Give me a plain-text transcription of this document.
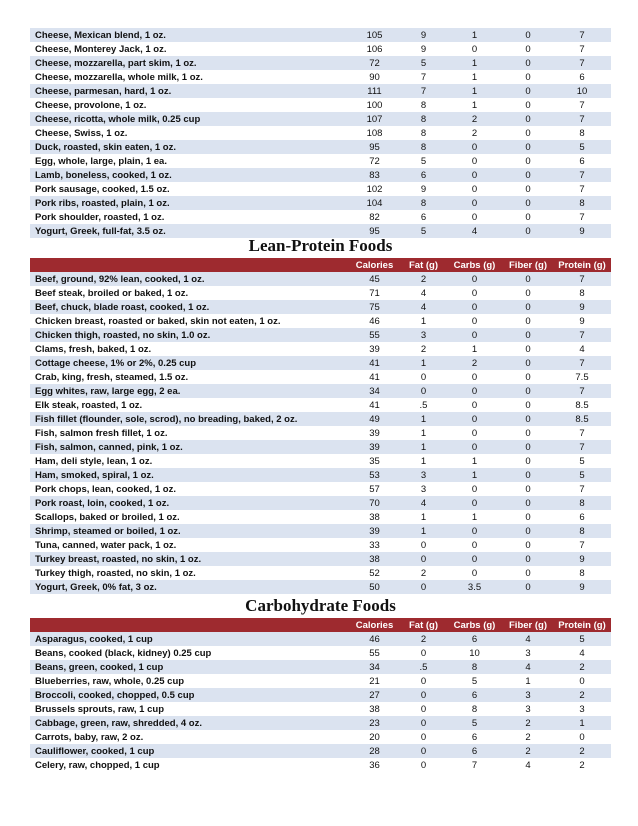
Cheese, Mexican blend, 1 oz.	105	9	1	0	7
Cheese, Monterey Jack, 1 oz.	106	9	0	0	7
Cheese, mozzarella, part skim, 1 oz.	72	5	1	0	7
Cheese, mozzarella, whole milk, 1 oz.	90	7	1	0	6
Cheese, parmesan, hard, 1 oz.	111	7	1	0	10
Cheese, provolone, 1 oz.	100	8	1	0	7
Cheese, ricotta, whole milk, 0.25 cup	107	8	2	0	7
Cheese, Swiss, 1 oz.	108	8	2	0	8
Duck, roasted, skin eaten, 1 oz.	95	8	0	0	5
Egg, whole, large, plain, 1 ea.	72	5	0	0	6
Lamb, boneless, cooked, 1 oz.	83	6	0	0	7
Pork sausage, cooked, 1.5 oz.	102	9	0	0	7
Pork ribs, roasted, plain, 1 oz.	104	8	0	0	8
Pork shoulder, roasted, 1 oz.	82	6	0	0	7
Yogurt, Greek, full-fat, 3.5 oz.	95	5	4	0	9
Lean-Protein Foods
Calories	Fat (g)	Carbs (g)	Fiber (g)	Protein (g)
Beef, ground, 92% lean, cooked, 1 oz.	45	2	0	0	7
Beef steak, broiled or baked, 1 oz.	71	4	0	0	8
Beef, chuck, blade roast, cooked, 1 oz.	75	4	0	0	9
Chicken breast, roasted or baked, skin not eaten, 1 oz.	46	1	0	0	9
Chicken thigh, roasted, no skin, 1.0 oz.	55	3	0	0	7
Clams, fresh, baked, 1 oz.	39	2	1	0	4
Cottage cheese, 1% or 2%, 0.25 cup	41	1	2	0	7
Crab, king, fresh, steamed, 1.5 oz.	41	0	0	0	7.5
Egg whites, raw, large egg, 2 ea.	34	0	0	0	7
Elk steak, roasted, 1 oz.	41	.5	0	0	8.5
Fish fillet (flounder, sole, scrod), no breading, baked, 2 oz.	49	1	0	0	8.5
Fish, salmon fresh fillet, 1 oz.	39	1	0	0	7
Fish, salmon, canned, pink, 1 oz.	39	1	0	0	7
Ham, deli style, lean, 1 oz.	35	1	1	0	5
Ham, smoked, spiral, 1 oz.	53	3	1	0	5
Pork chops, lean, cooked, 1 oz.	57	3	0	0	7
Pork roast, loin, cooked, 1 oz.	70	4	0	0	8
Scallops, baked or broiled, 1 oz.	38	1	1	0	6
Shrimp, steamed or boiled, 1 oz.	39	1	0	0	8
Tuna, canned, water pack, 1 oz.	33	0	0	0	7
Turkey breast, roasted, no skin, 1 oz.	38	0	0	0	9
Turkey thigh, roasted, no skin, 1 oz.	52	2	0	0	8
Yogurt, Greek, 0% fat, 3 oz.	50	0	3.5	0	9
Carbohydrate Foods
Calories	Fat (g)	Carbs (g)	Fiber (g)	Protein (g)
Asparagus, cooked, 1 cup	46	2	6	4	5
Beans, cooked (black, kidney) 0.25 cup	55	0	10	3	4
Beans, green, cooked, 1 cup	34	.5	8	4	2
Blueberries, raw, whole, 0.25 cup	21	0	5	1	0
Broccoli, cooked, chopped, 0.5 cup	27	0	6	3	2
Brussels sprouts, raw, 1 cup	38	0	8	3	3
Cabbage, green, raw, shredded, 4 oz.	23	0	5	2	1
Carrots, baby, raw, 2 oz.	20	0	6	2	0
Cauliflower, cooked, 1 cup	28	0	6	2	2
Celery, raw, chopped, 1 cup	36	0	7	4	2
